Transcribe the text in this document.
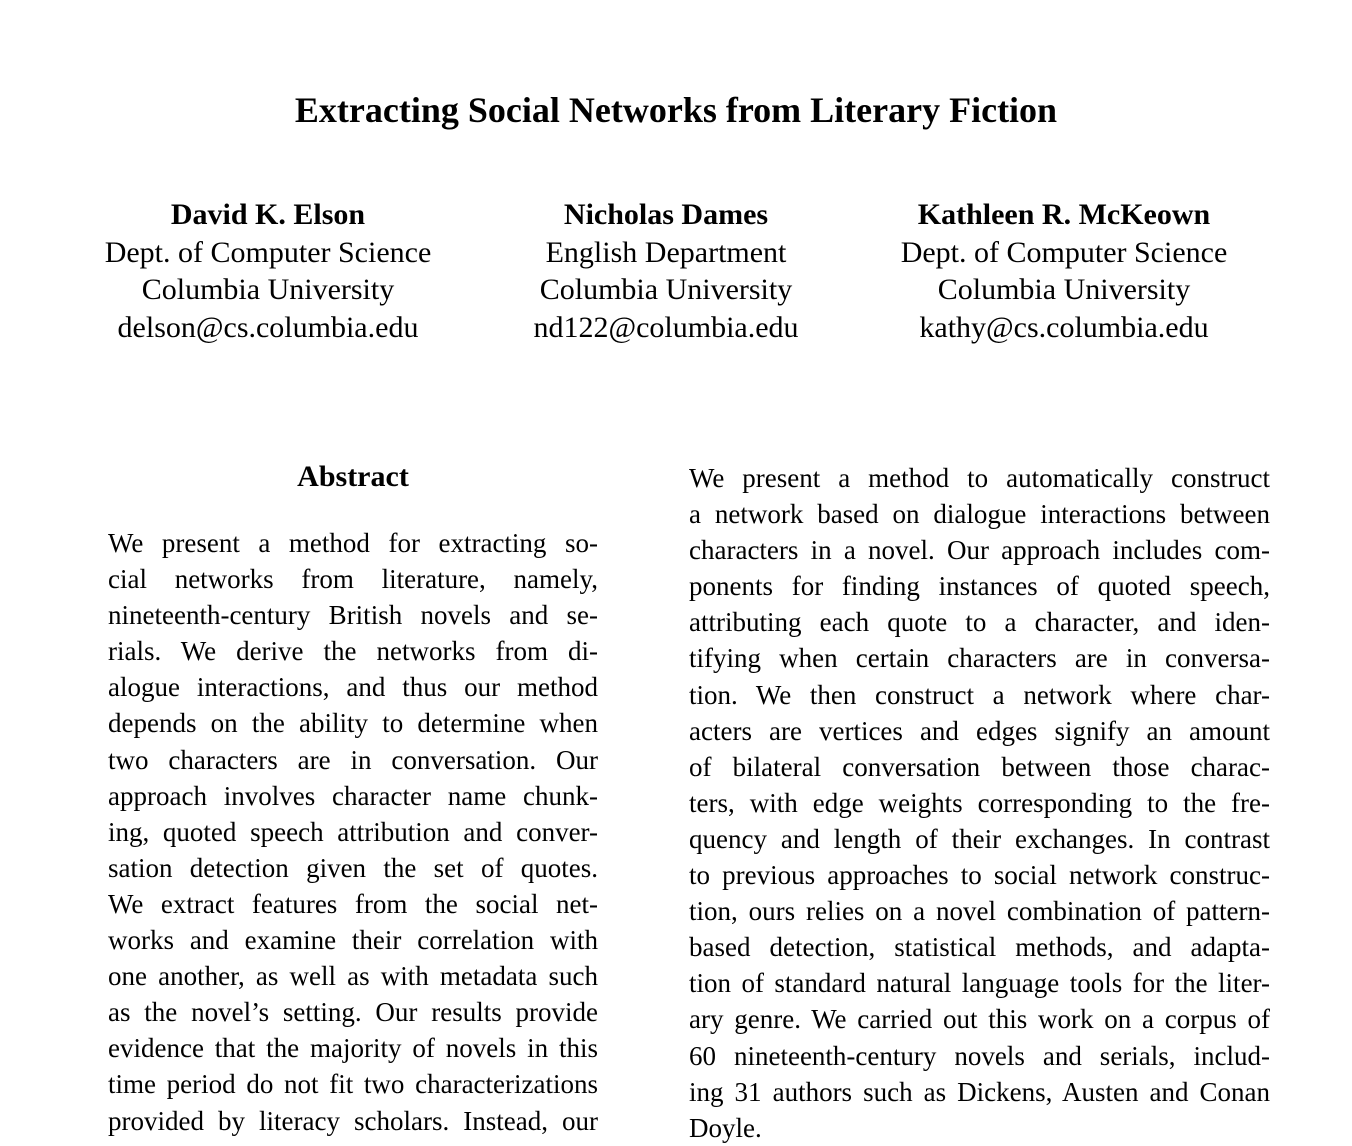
Extracting Social Networks from Literary Fiction
David K. Elson
Dept. of Computer Science
Columbia University
delson@cs.columbia.edu
Nicholas Dames
English Department
Columbia University
nd122@columbia.edu
Kathleen R. McKeown
Dept. of Computer Science
Columbia University
kathy@cs.columbia.edu
Abstract
We present a method for extracting so-
cial networks from literature, namely,
nineteenth-century British novels and se-
rials. We derive the networks from di-
alogue interactions, and thus our method
depends on the ability to determine when
two characters are in conversation. Our
approach involves character name chunk-
ing, quoted speech attribution and conver-
sation detection given the set of quotes.
We extract features from the social net-
works and examine their correlation with
one another, as well as with metadata such
as the novel’s setting. Our results provide
evidence that the majority of novels in this
time period do not fit two characterizations
provided by literacy scholars. Instead, our
We present a method to automatically construct
a network based on dialogue interactions between
characters in a novel. Our approach includes com-
ponents for finding instances of quoted speech,
attributing each quote to a character, and iden-
tifying when certain characters are in conversa-
tion. We then construct a network where char-
acters are vertices and edges signify an amount
of bilateral conversation between those charac-
ters, with edge weights corresponding to the fre-
quency and length of their exchanges. In contrast
to previous approaches to social network construc-
tion, ours relies on a novel combination of pattern-
based detection, statistical methods, and adapta-
tion of standard natural language tools for the liter-
ary genre. We carried out this work on a corpus of
60 nineteenth-century novels and serials, includ-
ing 31 authors such as Dickens, Austen and Conan
Doyle.
